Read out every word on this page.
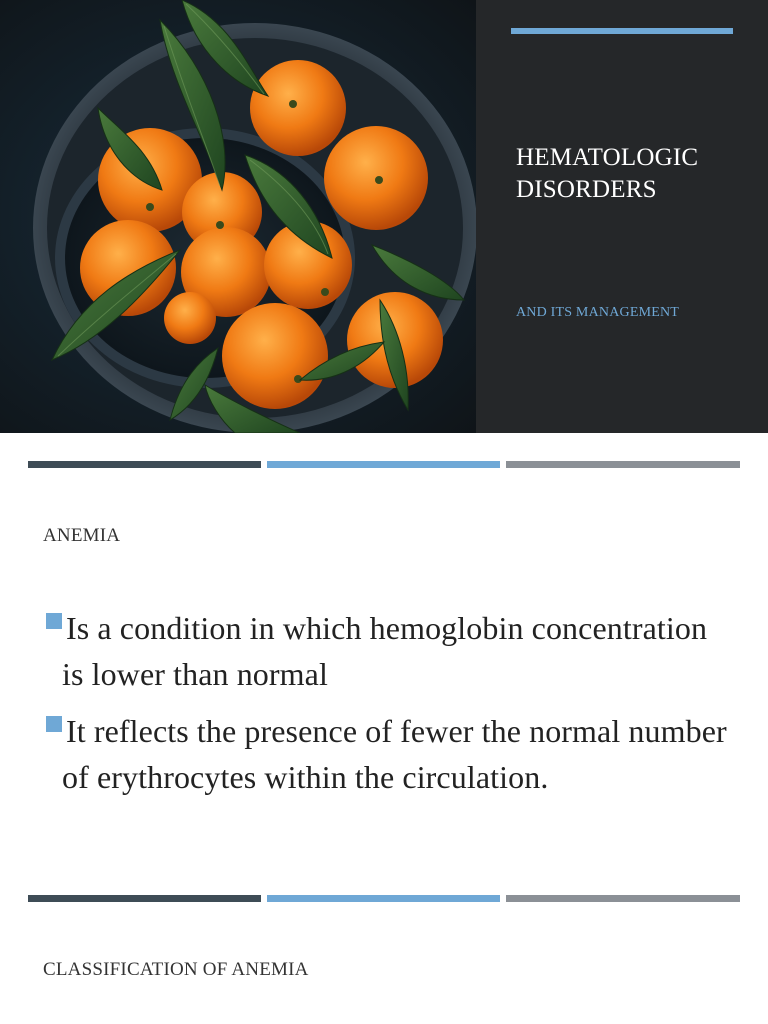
HEMATOLOGIC
DISORDERS
AND ITS MANAGEMENT
ANEMIA
Is a condition in which hemoglobin concentration is lower than normal
It reflects the presence of fewer the normal number of erythrocytes within the circulation.
CLASSIFICATION OF ANEMIA
